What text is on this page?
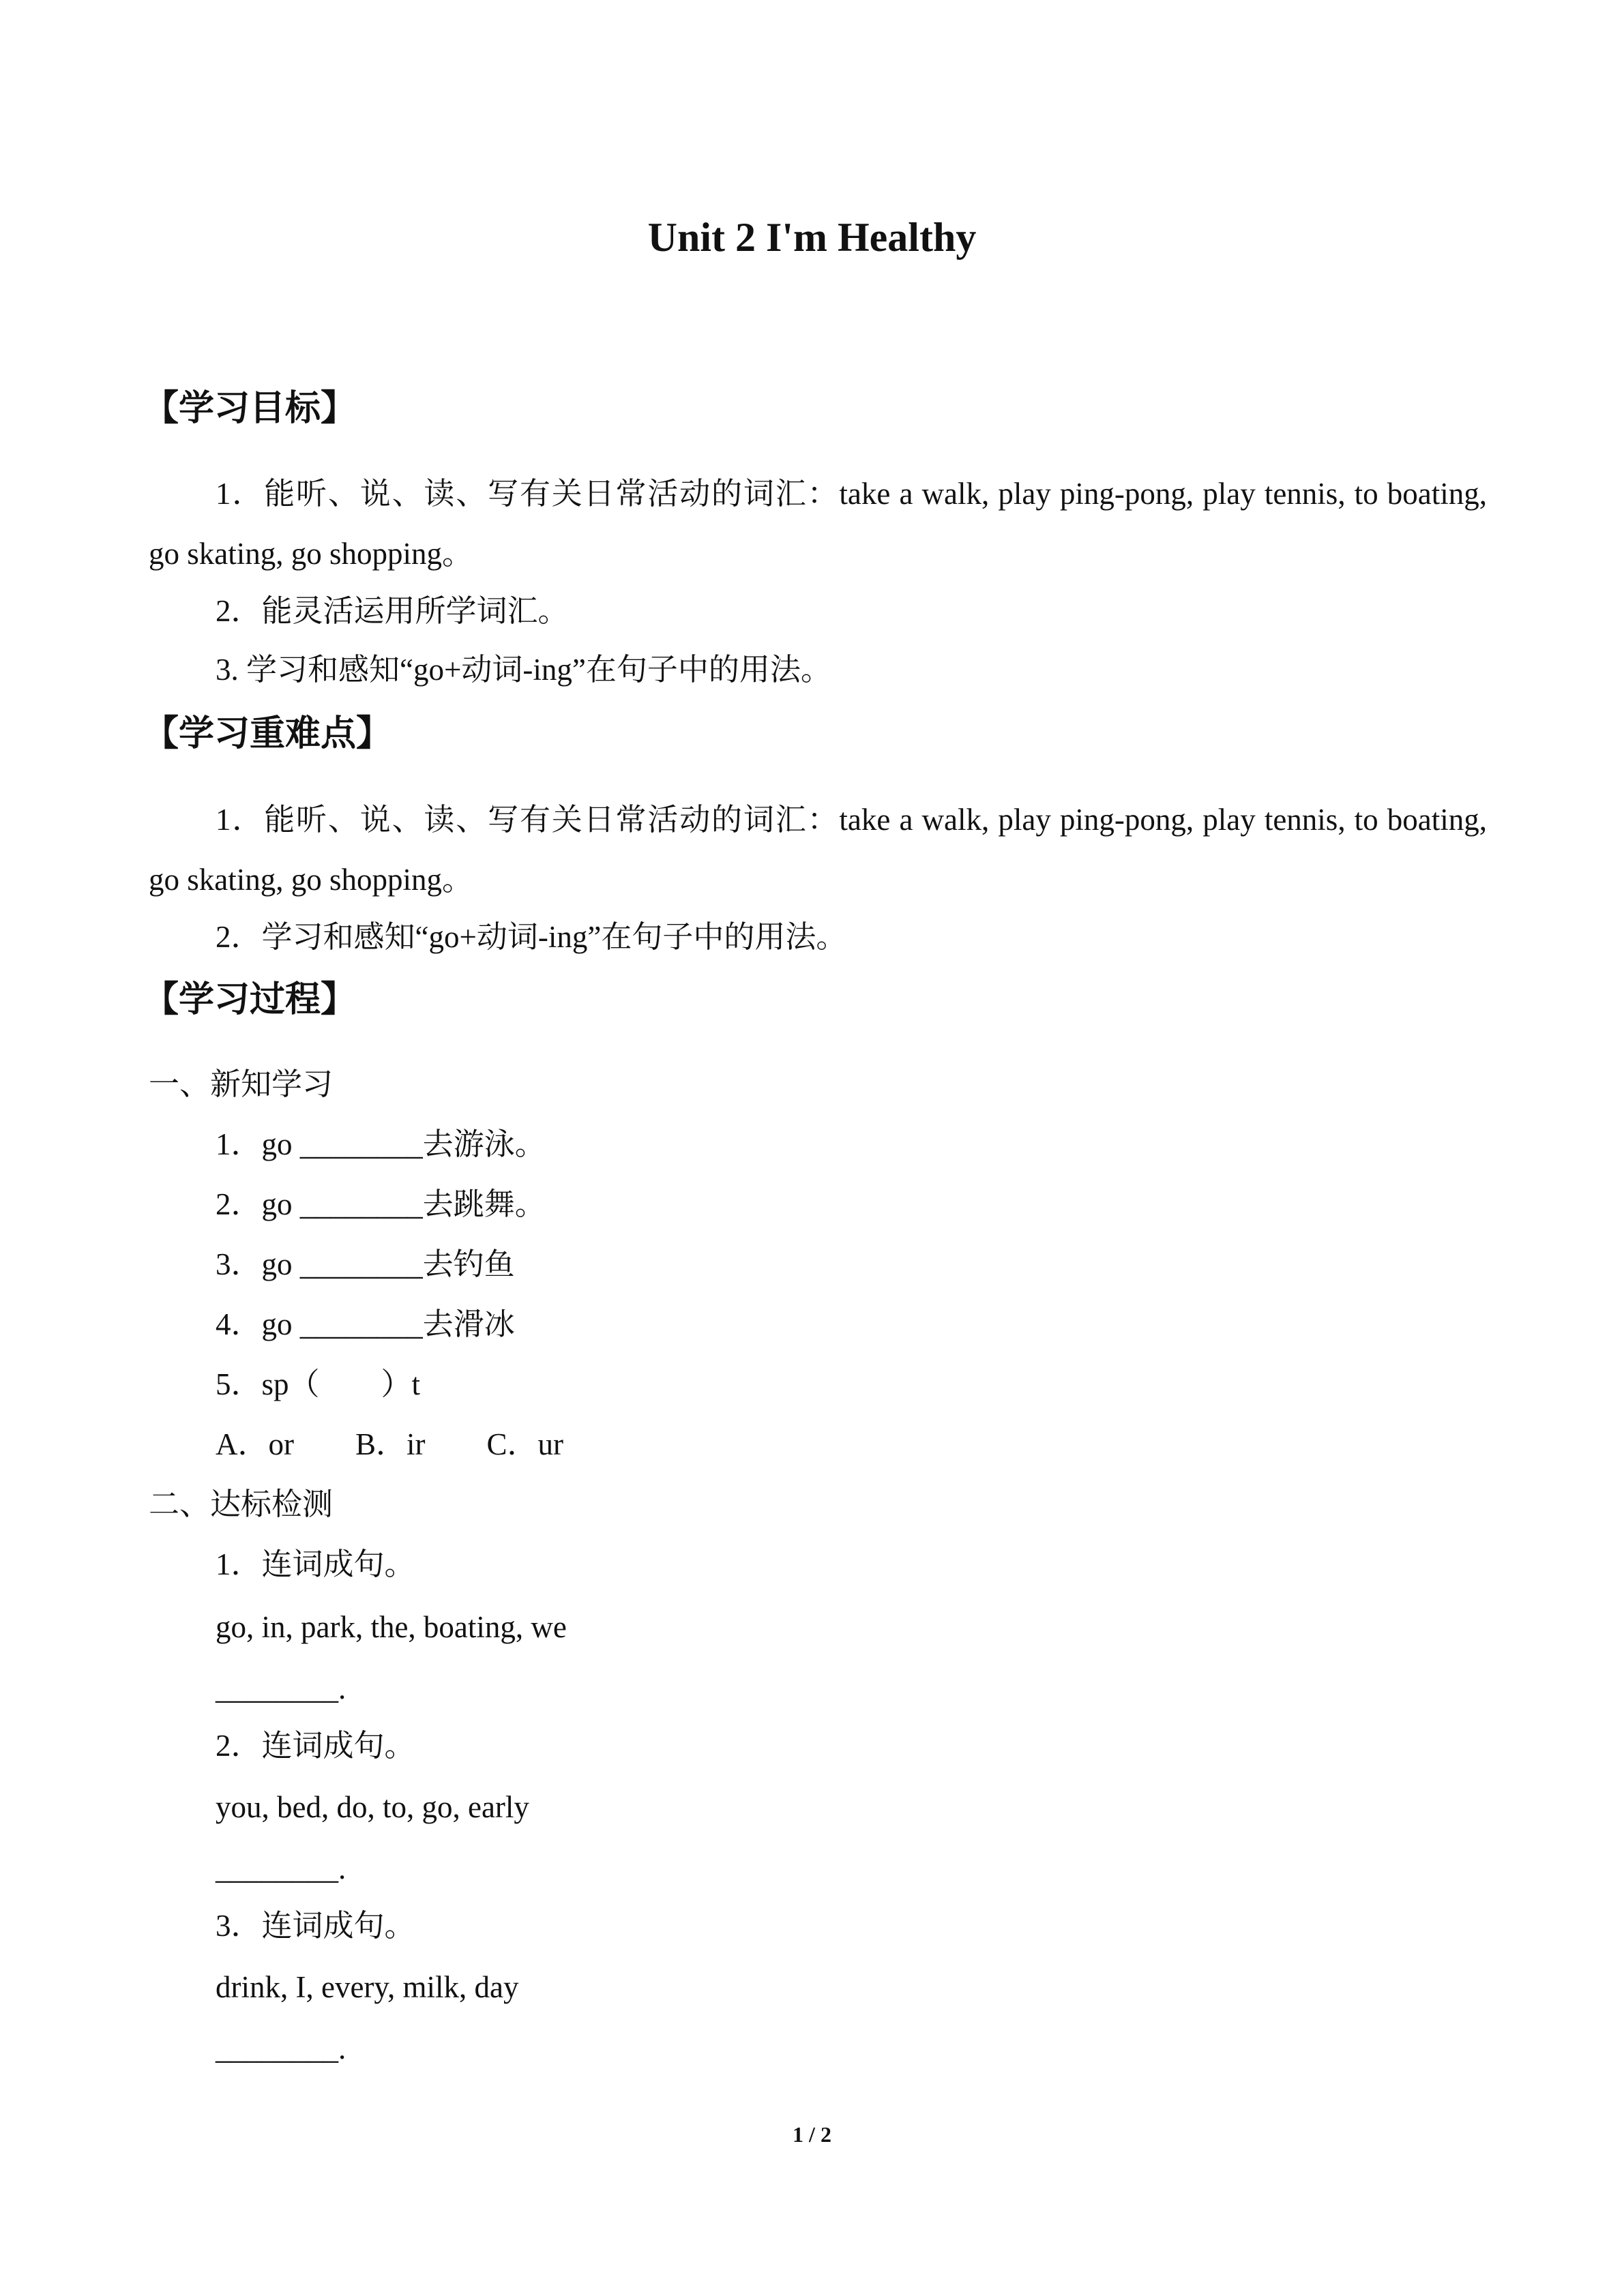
Unit 2 I'm Healthy
【学习目标】
1．能听、说、读、写有关日常活动的词汇：take a walk, play ping-pong, play tennis, to boating, go skating, go shopping。
2．能灵活运用所学词汇。
3. 学习和感知“go+动词-ing”在句子中的用法。
【学习重难点】
1．能听、说、读、写有关日常活动的词汇：take a walk, play ping-pong, play tennis, to boating, go skating, go shopping。
2．学习和感知“go+动词-ing”在句子中的用法。
【学习过程】
一、新知学习
1．go ________去游泳。
2．go ________去跳舞。
3．go ________去钓鱼
4．go ________去滑冰
5．sp（　　）t
A．or　　B．ir　　C．ur
二、达标检测
1．连词成句。
go, in, park, the, boating, we
________.
2．连词成句。
you, bed, do, to, go, early
________.
3．连词成句。
drink, I, every, milk, day
________.
1 / 2
